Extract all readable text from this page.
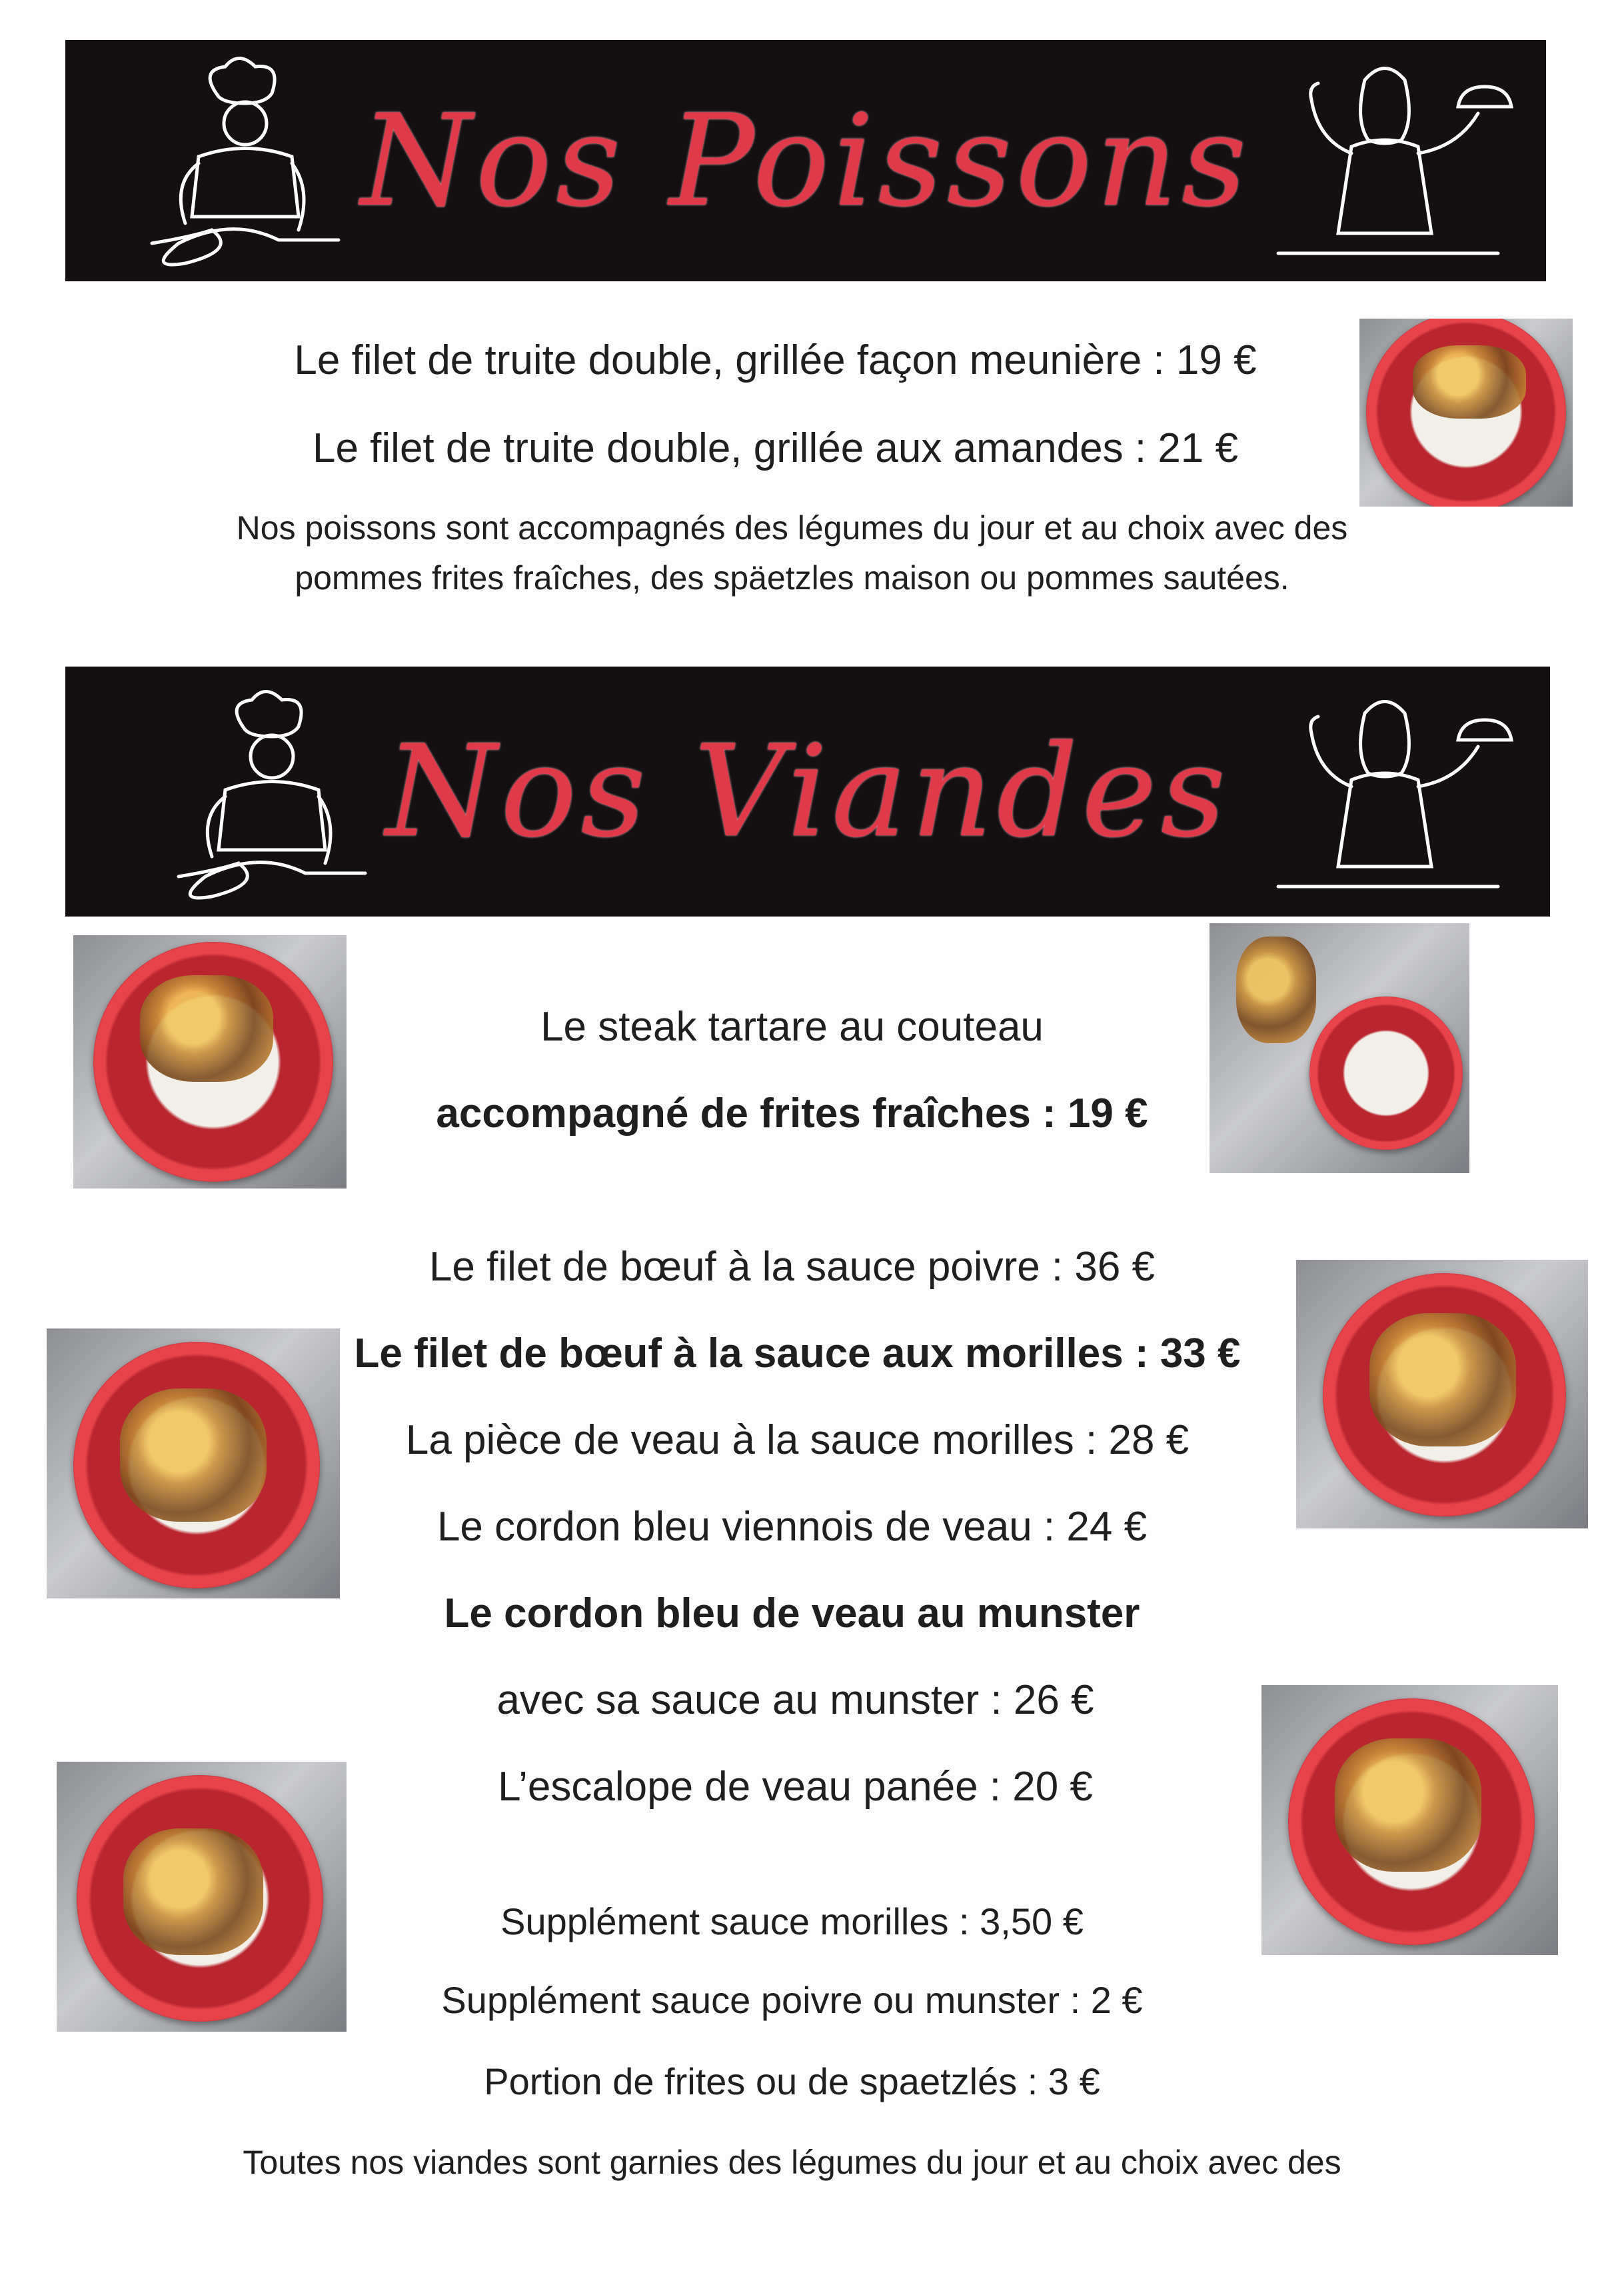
Nos Poissons
Le filet de truite double, grillée façon meunière : 19 €
Le filet de truite double, grillée aux amandes : 21 €
Nos poissons sont accompagnés des légumes du jour et au choix avec des
pommes frites fraîches, des späetzles maison ou pommes sautées.
Nos Viandes
Le steak tartare au couteau
accompagné de frites fraîches : 19 €
Le filet de bœuf à la sauce poivre : 36 €
Le filet de bœuf à la sauce aux morilles : 33 €
La pièce de veau à la sauce morilles : 28 €
Le cordon bleu viennois de veau : 24 €
Le cordon bleu de veau au munster
avec sa sauce au munster : 26 €
L’escalope de veau panée : 20 €
Supplément sauce morilles : 3,50 €
Supplément sauce poivre ou munster : 2 €
Portion de frites ou de spaetzlés : 3 €
Toutes nos viandes sont garnies des légumes du jour et au choix avec des
